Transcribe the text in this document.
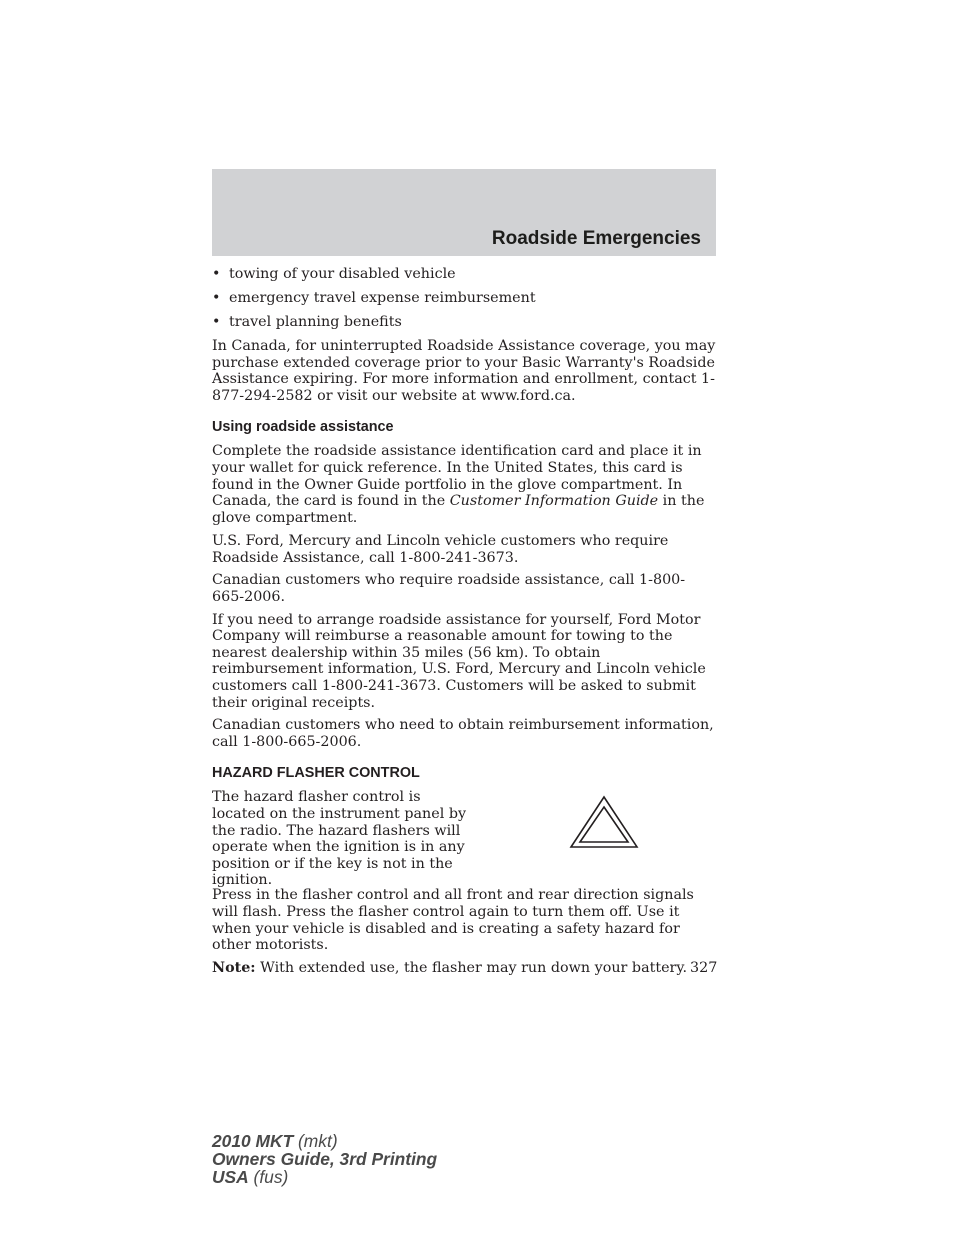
Roadside Emergencies
• towing of your disabled vehicle
• emergency travel expense reimbursement
• travel planning benefits

In Canada, for uninterrupted Roadside Assistance coverage, you may purchase extended coverage prior to your Basic Warranty's Roadside Assistance expiring. For more information and enrollment, contact 1-877-294-2582 or visit our website at www.ford.ca.

Using roadside assistance

Complete the roadside assistance identification card and place it in your wallet for quick reference. In the United States, this card is found in the Owner Guide portfolio in the glove compartment. In Canada, the card is found in the Customer Information Guide in the glove compartment.

U.S. Ford, Mercury and Lincoln vehicle customers who require Roadside Assistance, call 1-800-241-3673.

Canadian customers who require roadside assistance, call 1-800-665-2006.

If you need to arrange roadside assistance for yourself, Ford Motor Company will reimburse a reasonable amount for towing to the nearest dealership within 35 miles (56 km). To obtain reimbursement information, U.S. Ford, Mercury and Lincoln vehicle customers call 1-800-241-3673. Customers will be asked to submit their original receipts.

Canadian customers who need to obtain reimbursement information, call 1-800-665-2006.

HAZARD FLASHER CONTROL
The hazard flasher control is located on the instrument panel by the radio. The hazard flashers will operate when the ignition is in any position or if the key is not in the ignition.

Press in the flasher control and all front and rear direction signals will flash. Press the flasher control again to turn them off. Use it when your vehicle is disabled and is creating a safety hazard for other motorists.

Note: With extended use, the flasher may run down your battery. 327
2010 MKT (mkt)
Owners Guide, 3rd Printing
USA (fus)
